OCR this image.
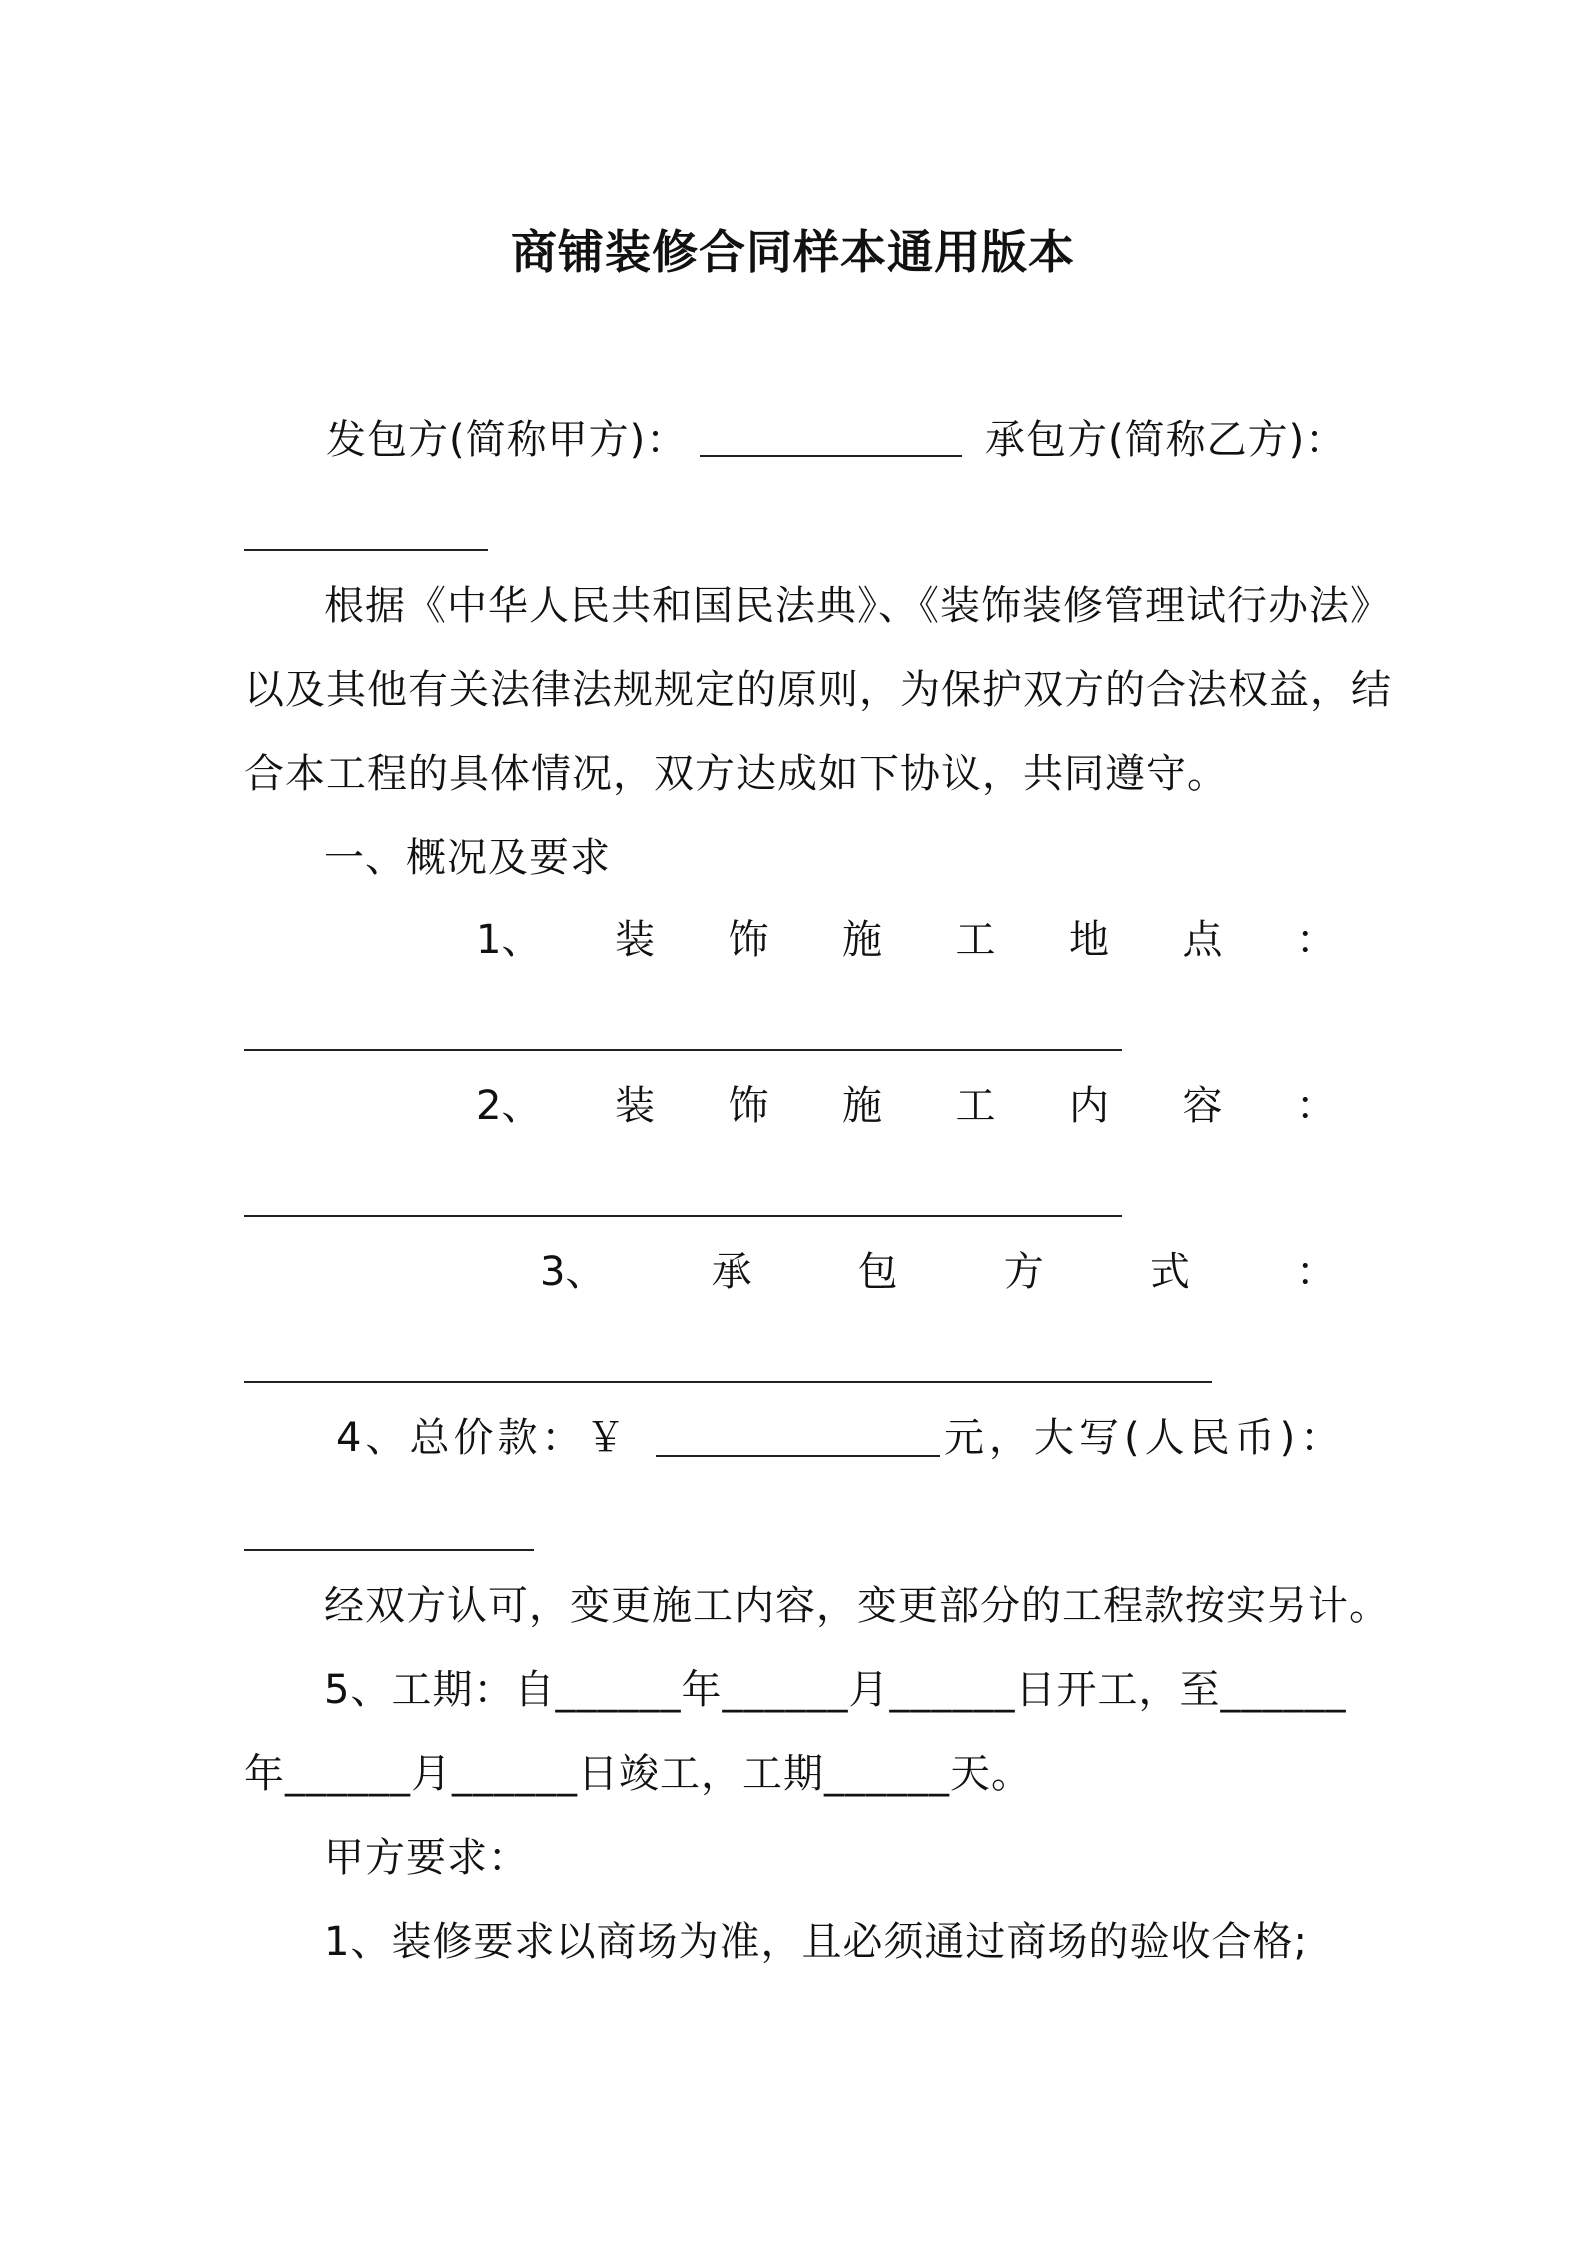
商铺装修合同样本通用版本
发包方(简称甲方)：	承包方(简称乙方)：
根据《中华人民共和国民法典》、《装饰装修管理试行办法》
以及其他有关法律法规规定的原则，为保护双方的合法权益，结
合本工程的具体情况，双方达成如下协议，共同遵守。
一、概况及要求
1、 装 饰 施 工 地 点 ：
2、 装 饰 施 工 内 容 ：
3、	承	包	方	式	：
4、总价款：￥	元，大写(人民币)：
经双方认可，变更施工内容，变更部分的工程款按实另计。
5、工期：自______年______月______日开工，至______
年______月______日竣工，工期______天。
甲方要求：
1、装修要求以商场为准，且必须通过商场的验收合格;
